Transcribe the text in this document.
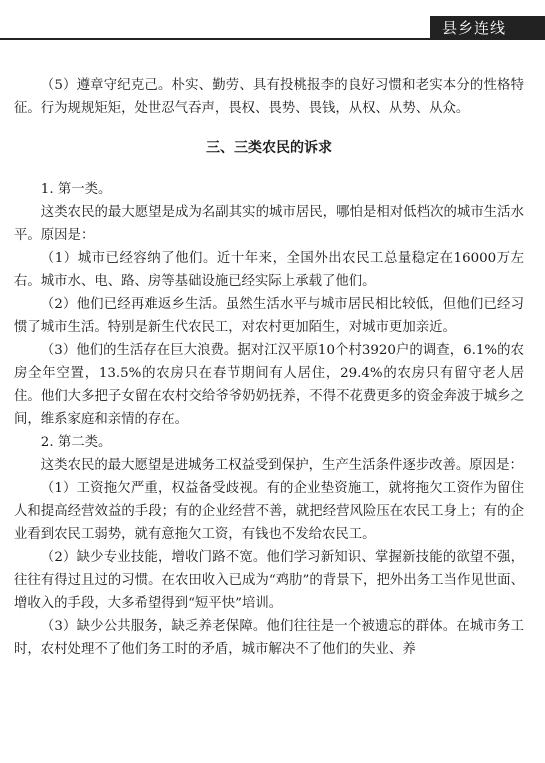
县乡连线

（5）遵章守纪克己。朴实、勤劳、具有投桃报李的良好习惯和老实本分的性格特征。行为规规矩矩，处世忍气吞声，畏权、畏势、畏钱，从权、从势、从众。

三、三类农民的诉求

1. 第一类。

这类农民的最大愿望是成为名副其实的城市居民，哪怕是相对低档次的城市生活水平。原因是：

（1）城市已经容纳了他们。近十年来，全国外出农民工总量稳定在16000万左右。城市水、电、路、房等基础设施已经实际上承载了他们。

（2）他们已经再难返乡生活。虽然生活水平与城市居民相比较低，但他们已经习惯了城市生活。特别是新生代农民工，对农村更加陌生，对城市更加亲近。

（3）他们的生活存在巨大浪费。据对江汉平原10个村3920户的调查，6.1%的农房全年空置，13.5%的农房只在春节期间有人居住，29.4%的农房只有留守老人居住。他们大多把子女留在农村交给爷爷奶奶抚养，不得不花费更多的资金奔波于城乡之间，维系家庭和亲情的存在。

2. 第二类。

这类农民的最大愿望是进城务工权益受到保护，生产生活条件逐步改善。原因是：

（1）工资拖欠严重，权益备受歧视。有的企业垫资施工，就将拖欠工资作为留住人和提高经营效益的手段；有的企业经营不善，就把经营风险压在农民工身上；有的企业看到农民工弱势，就有意拖欠工资，有钱也不发给农民工。

（2）缺少专业技能，增收门路不宽。他们学习新知识、掌握新技能的欲望不强，往往有得过且过的习惯。在农田收入已成为“鸡肋”的背景下，把外出务工当作见世面、增收入的手段，大多希望得到“短平快”培训。

（3）缺少公共服务，缺乏养老保障。他们往往是一个被遗忘的群体。在城市务工时，农村处理不了他们务工时的矛盾，城市解决不了他们的失业、养
